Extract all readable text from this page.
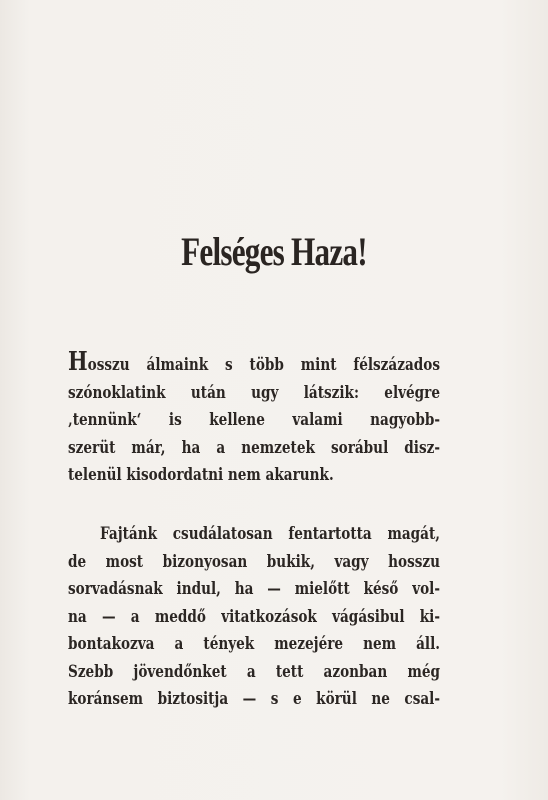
Felséges Haza!
Hosszu álmaink s több mint félszázados
szónoklatink után ugy látszik: elvégre
‚tennünk‘ is kellene valami nagyobb-
szerüt már, ha a nemzetek sorábul disz-
telenül kisodordatni nem akarunk.
Fajtánk csudálatosan fentartotta magát,
de most bizonyosan bukik, vagy hosszu
sorvadásnak indul, ha — mielőtt késő vol-
na — a meddő vitatkozások vágásibul ki-
bontakozva a tények mezejére nem áll.
Szebb jövendőnket a tett azonban még
koránsem biztositja — s e körül ne csal-
